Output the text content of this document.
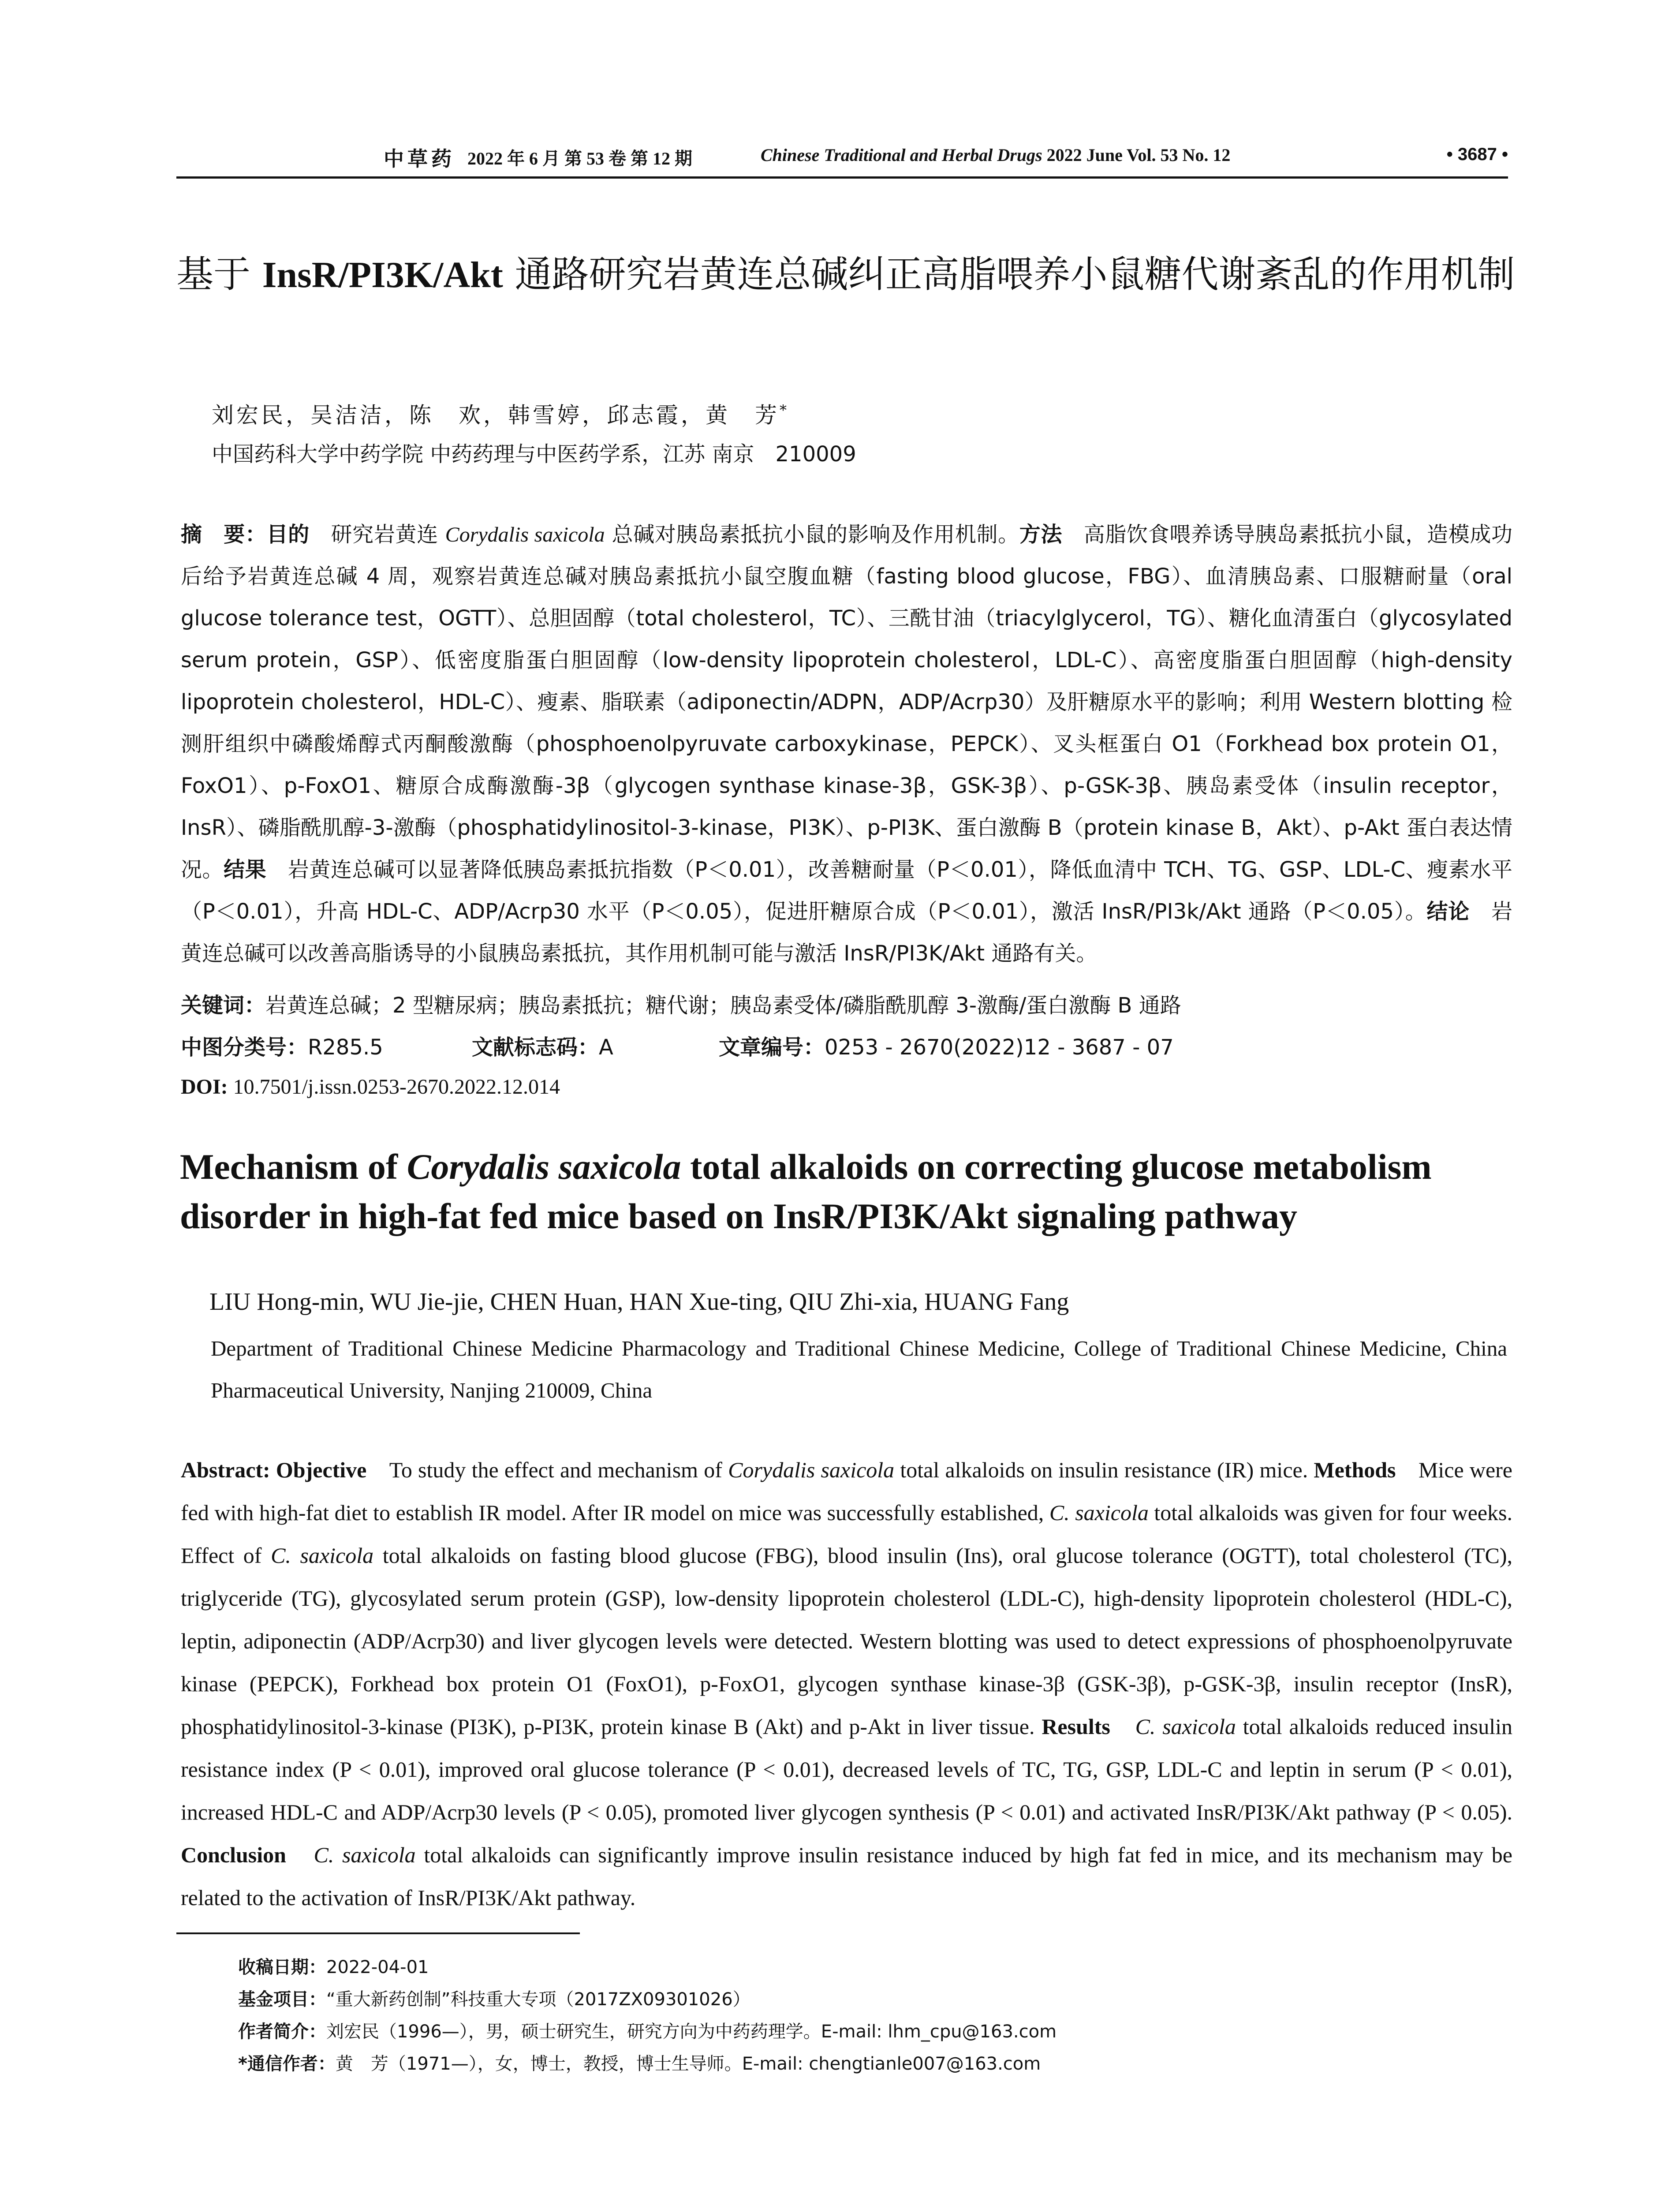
中草药 2022 年 6 月 第 53 卷 第 12 期	Chinese Traditional and Herbal Drugs 2022 June Vol. 53 No. 12	• 3687 •
基于 InsR/PI3K/Akt 通路研究岩黄连总碱纠正高脂喂养小鼠糖代谢紊乱的作用机制
刘宏民，吴洁洁，陈　欢，韩雪婷，邱志霞，黄　芳*
中国药科大学中药学院 中药药理与中医药学系，江苏 南京　210009
摘　要：目的　研究岩黄连 Corydalis saxicola 总碱对胰岛素抵抗小鼠的影响及作用机制。方法　高脂饮食喂养诱导胰岛素抵抗小鼠，造模成功后给予岩黄连总碱 4 周，观察岩黄连总碱对胰岛素抵抗小鼠空腹血糖（fasting blood glucose，FBG）、血清胰岛素、口服糖耐量（oral glucose tolerance test，OGTT）、总胆固醇（total cholesterol，TC）、三酰甘油（triacylglycerol，TG）、糖化血清蛋白（glycosylated serum protein，GSP）、低密度脂蛋白胆固醇（low-density lipoprotein cholesterol，LDL-C）、高密度脂蛋白胆固醇（high-density lipoprotein cholesterol，HDL-C）、瘦素、脂联素（adiponectin/ADPN，ADP/Acrp30）及肝糖原水平的影响；利用 Western blotting 检测肝组织中磷酸烯醇式丙酮酸激酶（phosphoenolpyruvate carboxykinase，PEPCK）、叉头框蛋白 O1（Forkhead box protein O1，FoxO1）、p-FoxO1、糖原合成酶激酶-3β（glycogen synthase kinase-3β，GSK-3β）、p-GSK-3β、胰岛素受体（insulin receptor，InsR）、磷脂酰肌醇-3-激酶（phosphatidylinositol-3-kinase，PI3K）、p-PI3K、蛋白激酶 B（protein kinase B，Akt）、p-Akt 蛋白表达情况。结果　岩黄连总碱可以显著降低胰岛素抵抗指数（P＜0.01），改善糖耐量（P＜0.01），降低血清中 TCH、TG、GSP、LDL-C、瘦素水平（P＜0.01），升高 HDL-C、ADP/Acrp30 水平（P＜0.05），促进肝糖原合成（P＜0.01），激活 InsR/PI3k/Akt 通路（P＜0.05）。结论　岩黄连总碱可以改善高脂诱导的小鼠胰岛素抵抗，其作用机制可能与激活 InsR/PI3K/Akt 通路有关。
关键词：岩黄连总碱；2 型糖尿病；胰岛素抵抗；糖代谢；胰岛素受体/磷脂酰肌醇 3-激酶/蛋白激酶 B 通路
中图分类号： R285.5	文献标志码： A	文章编号： 0253 - 2670(2022)12 - 3687 - 07
DOI: 10.7501/j.issn.0253-2670.2022.12.014
Mechanism of Corydalis saxicola total alkaloids on correcting glucose metabolism disorder in high-fat fed mice based on InsR/PI3K/Akt signaling pathway
LIU Hong-min, WU Jie-jie, CHEN Huan, HAN Xue-ting, QIU Zhi-xia, HUANG Fang
Department of Traditional Chinese Medicine Pharmacology and Traditional Chinese Medicine, College of Traditional Chinese Medicine, China Pharmaceutical University, Nanjing 210009, China
Abstract: Objective　To study the effect and mechanism of Corydalis saxicola total alkaloids on insulin resistance (IR) mice. Methods　Mice were fed with high-fat diet to establish IR model. After IR model on mice was successfully established, C. saxicola total alkaloids was given for four weeks. Effect of C. saxicola total alkaloids on fasting blood glucose (FBG), blood insulin (Ins), oral glucose tolerance (OGTT), total cholesterol (TC), triglyceride (TG), glycosylated serum protein (GSP), low-density lipoprotein cholesterol (LDL-C), high-density lipoprotein cholesterol (HDL-C), leptin, adiponectin (ADP/Acrp30) and liver glycogen levels were detected. Western blotting was used to detect expressions of phosphoenolpyruvate kinase (PEPCK), Forkhead box protein O1 (FoxO1), p-FoxO1, glycogen synthase kinase-3β (GSK-3β), p-GSK-3β, insulin receptor (InsR), phosphatidylinositol-3-kinase (PI3K), p-PI3K, protein kinase B (Akt) and p-Akt in liver tissue. Results　 C. saxicola total alkaloids reduced insulin resistance index (P < 0.01), improved oral glucose tolerance (P < 0.01), decreased levels of TC, TG, GSP, LDL-C and leptin in serum (P < 0.01), increased HDL-C and ADP/Acrp30 levels (P < 0.05), promoted liver glycogen synthesis (P < 0.01) and activated InsR/PI3K/Akt pathway (P < 0.05). Conclusion　 C. saxicola total alkaloids can significantly improve insulin resistance induced by high fat fed in mice, and its mechanism may be related to the activation of InsR/PI3K/Akt pathway.
收稿日期：2022-04-01
基金项目：“重大新药创制”科技重大专项（2017ZX09301026）
作者简介：刘宏民（1996—），男，硕士研究生，研究方向为中药药理学。E-mail: lhm_cpu@163.com
*通信作者：黄　芳（1971—），女，博士，教授，博士生导师。E-mail: chengtianle007@163.com
